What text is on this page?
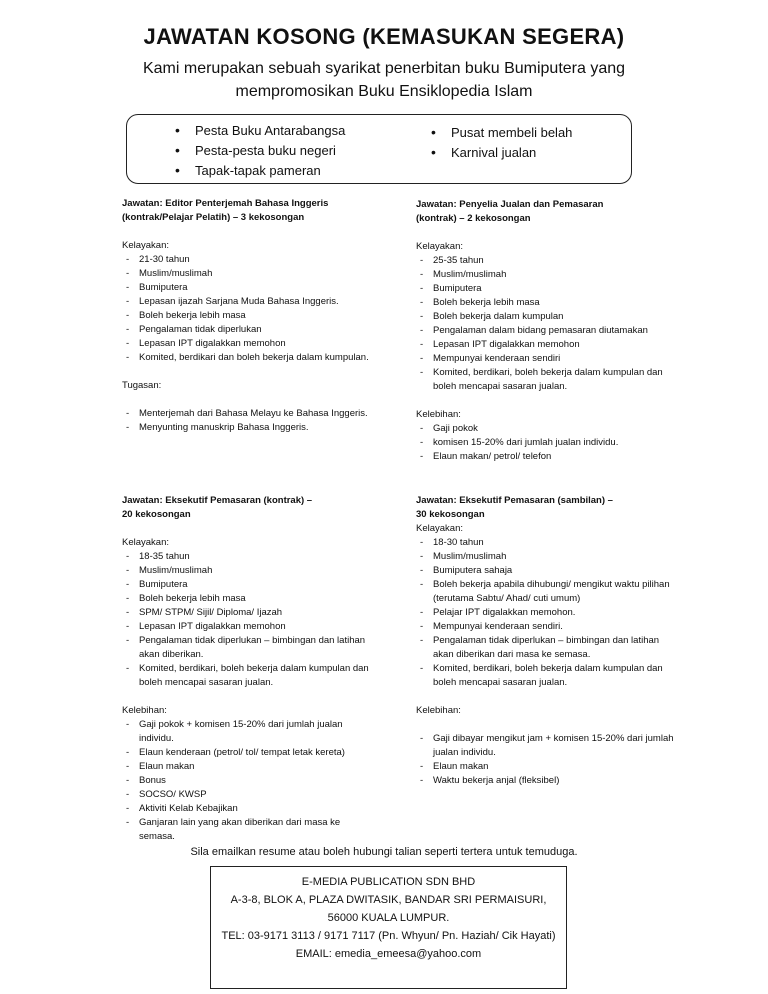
JAWATAN KOSONG (KEMASUKAN SEGERA)
Kami merupakan sebuah syarikat penerbitan buku Bumiputera yang
mempromosikan Buku Ensiklopedia Islam
• Pesta Buku Antarabangsa
• Pesta-pesta buku negeri
• Tapak-tapak pameran
• Pusat membeli belah
• Karnival jualan
Jawatan: Editor Penterjemah Bahasa Inggeris
(kontrak/Pelajar Pelatih) – 3 kekosongan
Kelayakan:
- 21-30 tahun
- Muslim/muslimah
- Bumiputera
- Lepasan ijazah Sarjana Muda Bahasa Inggeris.
- Boleh bekerja lebih masa
- Pengalaman tidak diperlukan
- Lepasan IPT digalakkan memohon
- Komited, berdikari dan boleh bekerja dalam kumpulan.
Tugasan:
- Menterjemah dari Bahasa Melayu ke Bahasa Inggeris.
- Menyunting manuskrip Bahasa Inggeris.
Jawatan: Penyelia Jualan dan Pemasaran
(kontrak) – 2 kekosongan
Kelayakan:
- 25-35 tahun
- Muslim/muslimah
- Bumiputera
- Boleh bekerja lebih masa
- Boleh bekerja dalam kumpulan
- Pengalaman dalam bidang pemasaran diutamakan
- Lepasan IPT digalakkan memohon
- Mempunyai kenderaan sendiri
- Komited, berdikari, boleh bekerja dalam kumpulan dan boleh mencapai sasaran jualan.
Kelebihan:
- Gaji pokok
- komisen 15-20% dari jumlah jualan individu.
- Elaun makan/ petrol/ telefon
Jawatan: Eksekutif Pemasaran (kontrak) –
20 kekosongan
Kelayakan:
- 18-35 tahun
- Muslim/muslimah
- Bumiputera
- Boleh bekerja lebih masa
- SPM/ STPM/ Sijil/ Diploma/ Ijazah
- Lepasan IPT digalakkan memohon
- Pengalaman tidak diperlukan – bimbingan dan latihan akan diberikan.
- Komited, berdikari, boleh bekerja dalam kumpulan dan boleh mencapai sasaran jualan.
Kelebihan:
- Gaji pokok + komisen 15-20% dari jumlah jualan individu.
- Elaun kenderaan (petrol/ tol/ tempat letak kereta)
- Elaun makan
- Bonus
- SOCSO/ KWSP
- Aktiviti Kelab Kebajikan
- Ganjaran lain yang akan diberikan dari masa ke semasa.
Jawatan: Eksekutif Pemasaran (sambilan) –
30 kekosongan
Kelayakan:
- 18-30 tahun
- Muslim/muslimah
- Bumiputera sahaja
- Boleh bekerja apabila dihubungi/ mengikut waktu pilihan (terutama Sabtu/ Ahad/ cuti umum)
- Pelajar IPT digalakkan memohon.
- Mempunyai kenderaan sendiri.
- Pengalaman tidak diperlukan – bimbingan dan latihan akan diberikan dari masa ke semasa.
- Komited, berdikari, boleh bekerja dalam kumpulan dan boleh mencapai sasaran jualan.
Kelebihan:
- Gaji dibayar mengikut jam + komisen 15-20% dari jumlah jualan individu.
- Elaun makan
- Waktu bekerja anjal (fleksibel)
Sila emailkan resume atau boleh hubungi talian seperti tertera untuk temuduga.
E-MEDIA PUBLICATION SDN BHD
A-3-8, BLOK A, PLAZA DWITASIK, BANDAR SRI PERMAISURI,
56000 KUALA LUMPUR.
TEL: 03-9171 3113 / 9171 7117 (Pn. Whyun/ Pn. Haziah/ Cik Hayati)
EMAIL: emedia_emeesa@yahoo.com
